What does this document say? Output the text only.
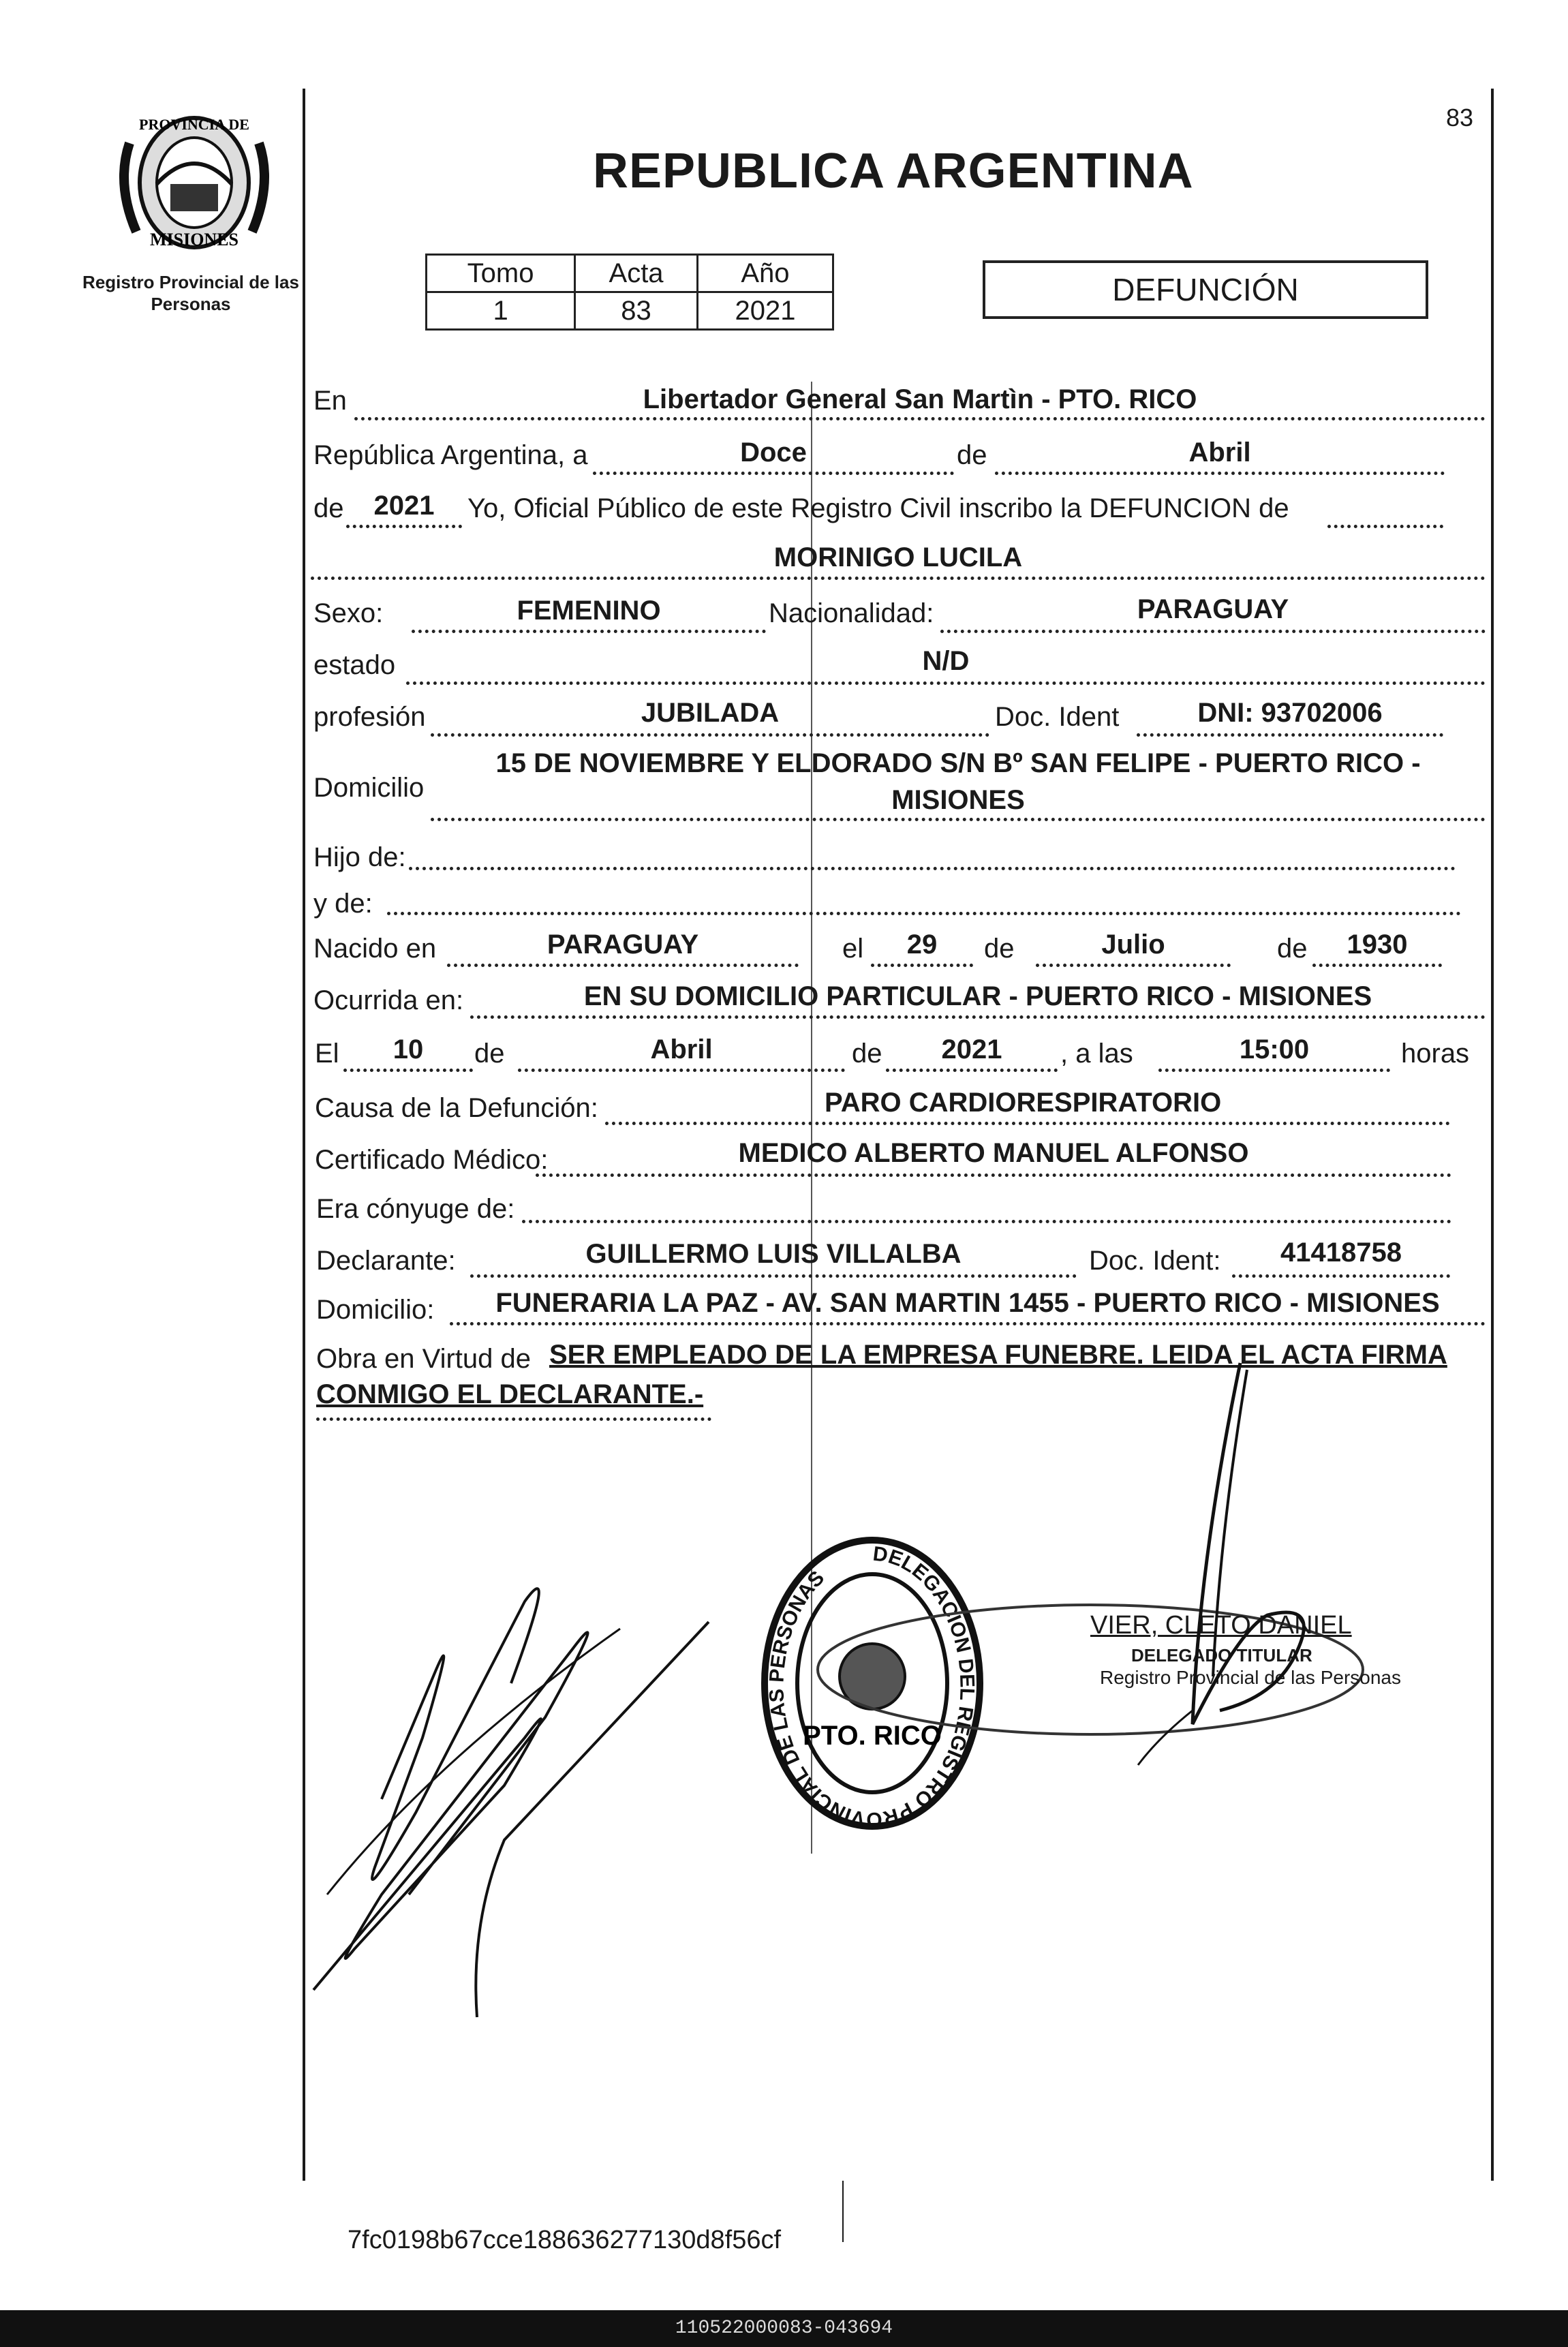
83
PROVINCIA DE
MISIONES
Registro Provincial de las Personas
REPUBLICA ARGENTINA
Tomo	Acta	Año
1	83	2021
DEFUNCIÓN
En	Libertador General San Martìn - PTO. RICO
República Argentina, a	Doce	de	Abril
de	2021	Yo, Oficial Público de este Registro Civil inscribo la DEFUNCION de
MORINIGO LUCILA
Sexo:	FEMENINO	Nacionalidad:	PARAGUAY
estado	N/D
profesión	JUBILADA	Doc. Ident	DNI: 93702006
Domicilio
15 DE NOVIEMBRE Y ELDORADO S/N Bº SAN FELIPE - PUERTO RICO -
MISIONES
Hijo de:
y de:
Nacido en	PARAGUAY	el	29	de	Julio	de	1930
Ocurrida en:	EN SU DOMICILIO PARTICULAR - PUERTO RICO - MISIONES
El	10	de	Abril	de	2021	, a las	15:00	horas
Causa de la Defunción:	PARO CARDIORESPIRATORIO
Certificado Médico:	MEDICO ALBERTO MANUEL ALFONSO
Era cónyuge de:
Declarante:	GUILLERMO LUIS VILLALBA	Doc. Ident:	41418758
Domicilio:	FUNERARIA LA PAZ - AV. SAN MARTIN 1455 - PUERTO RICO - MISIONES
Obra en Virtud de SER EMPLEADO DE LA EMPRESA FUNEBRE. LEIDA EL ACTA FIRMA
CONMIGO EL DECLARANTE.-
DELEGACION DEL REGISTRO PROVINCIAL DE LAS PERSONAS
PTO. RICO
VIER, CLETO DANIEL
DELEGADO TITULAR
Registro Provincial de las Personas
7fc0198b67cce188636277130d8f56cf
110522000083-043694
